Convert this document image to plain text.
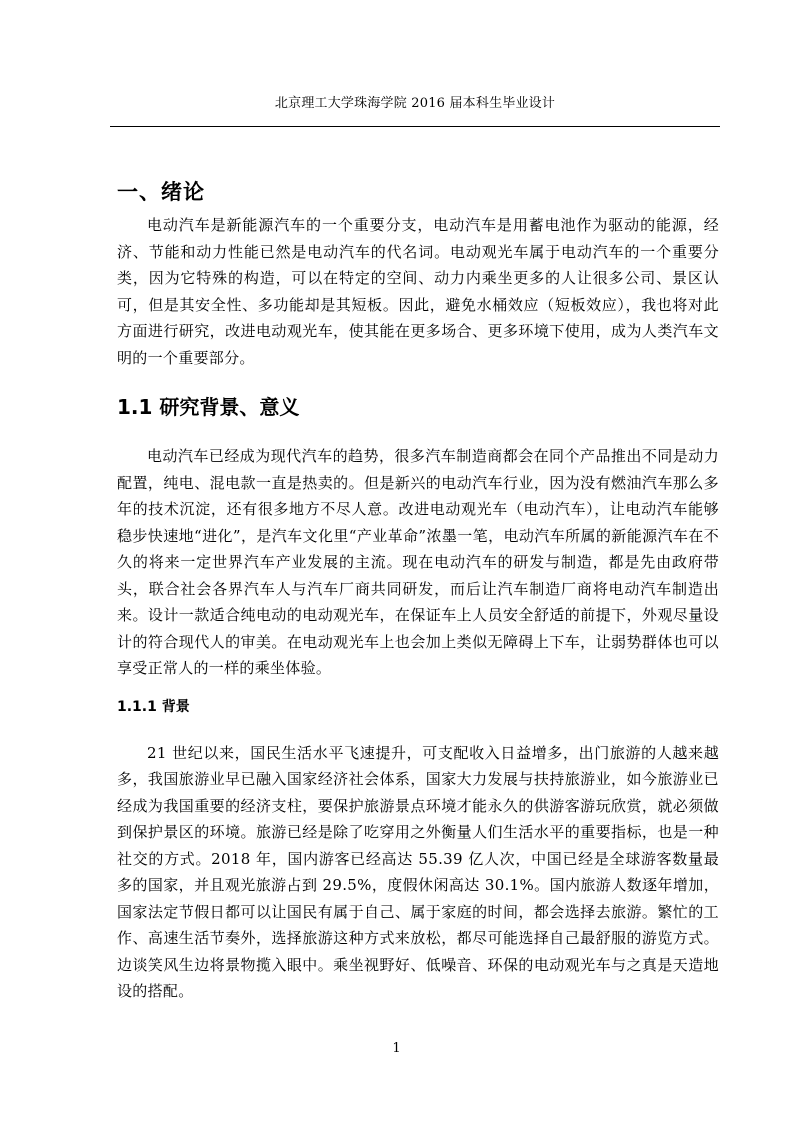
北京理工大学珠海学院 2016 届本科生毕业设计
一、绪论

电动汽车是新能源汽车的一个重要分支，电动汽车是用蓄电池作为驱动的能源，经济、节能和动力性能已然是电动汽车的代名词。电动观光车属于电动汽车的一个重要分类，因为它特殊的构造，可以在特定的空间、动力内乘坐更多的人让很多公司、景区认可，但是其安全性、多功能却是其短板。因此，避免水桶效应（短板效应），我也将对此方面进行研究，改进电动观光车，使其能在更多场合、更多环境下使用，成为人类汽车文明的一个重要部分。

1.1 研究背景、意义

电动汽车已经成为现代汽车的趋势，很多汽车制造商都会在同个产品推出不同是动力配置，纯电、混电款一直是热卖的。但是新兴的电动汽车行业，因为没有燃油汽车那么多年的技术沉淀，还有很多地方不尽人意。改进电动观光车（电动汽车），让电动汽车能够稳步快速地“进化”，是汽车文化里“产业革命”浓墨一笔，电动汽车所属的新能源汽车在不久的将来一定世界汽车产业发展的主流。现在电动汽车的研发与制造，都是先由政府带头，联合社会各界汽车人与汽车厂商共同研发，而后让汽车制造厂商将电动汽车制造出来。设计一款适合纯电动的电动观光车，在保证车上人员安全舒适的前提下，外观尽量设计的符合现代人的审美。在电动观光车上也会加上类似无障碍上下车，让弱势群体也可以享受正常人的一样的乘坐体验。

1.1.1 背景

21 世纪以来，国民生活水平飞速提升，可支配收入日益增多，出门旅游的人越来越多，我国旅游业早已融入国家经济社会体系，国家大力发展与扶持旅游业，如今旅游业已经成为我国重要的经济支柱，要保护旅游景点环境才能永久的供游客游玩欣赏，就必须做到保护景区的环境。旅游已经是除了吃穿用之外衡量人们生活水平的重要指标，也是一种社交的方式。2018 年，国内游客已经高达 55.39 亿人次，中国已经是全球游客数量最多的国家，并且观光旅游占到 29.5%，度假休闲高达 30.1%。国内旅游人数逐年增加，国家法定节假日都可以让国民有属于自己、属于家庭的时间，都会选择去旅游。繁忙的工作、高速生活节奏外，选择旅游这种方式来放松，都尽可能选择自己最舒服的游览方式。边谈笑风生边将景物揽入眼中。乘坐视野好、低噪音、环保的电动观光车与之真是天造地设的搭配。

1
